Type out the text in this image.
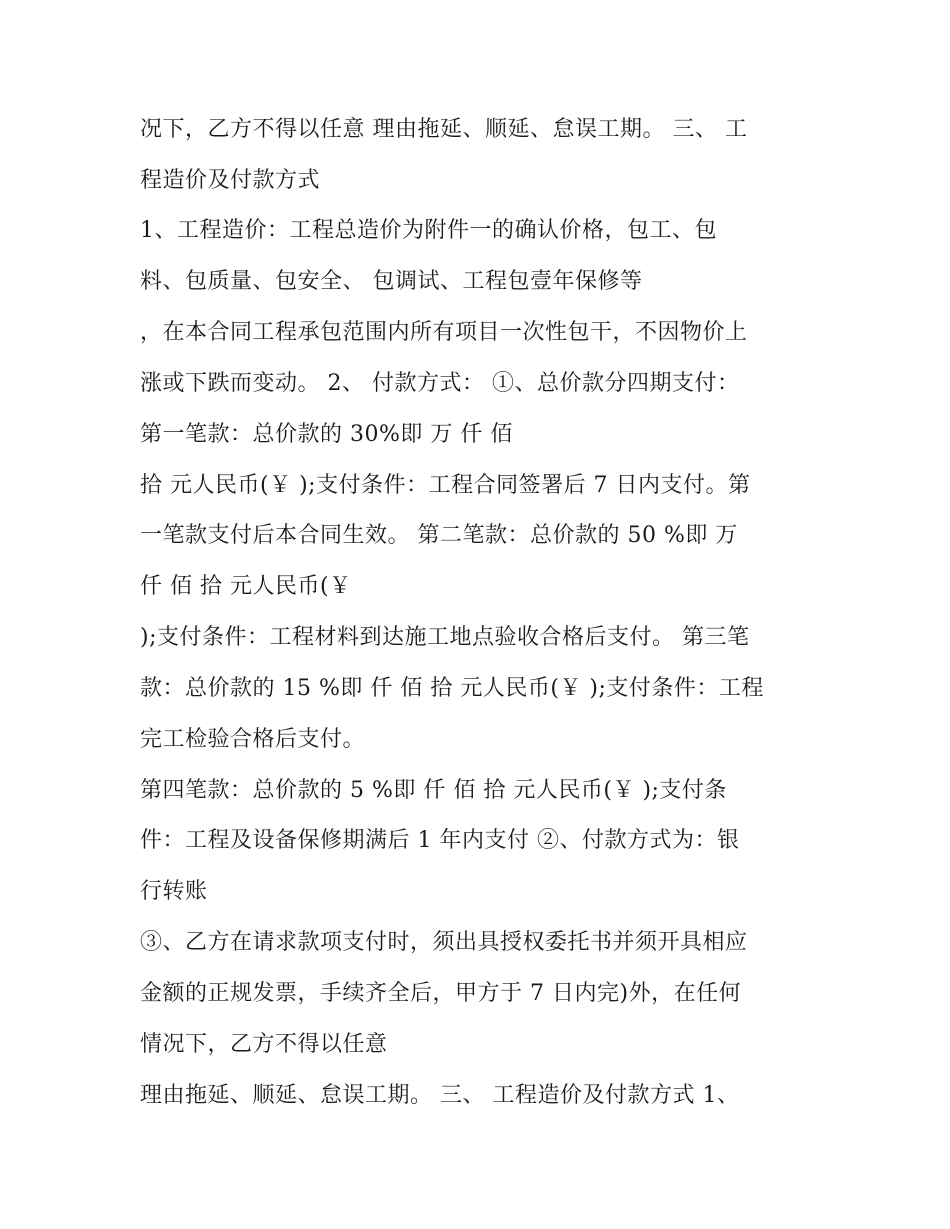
况下，乙方不得以任意 理由拖延、顺延、怠误工期。 三、 工
程造价及付款方式
1、工程造价：工程总造价为附件一的确认价格，包工、包
料、包质量、包安全、 包调试、工程包壹年保修等
，在本合同工程承包范围内所有项目一次性包干，不因物价上
涨或下跌而变动。 2、 付款方式： ①、总价款分四期支付：
第一笔款：总价款的 30%即 万 仟 佰
拾 元人民币(￥ );支付条件：工程合同签署后 7 日内支付。第
一笔款支付后本合同生效。 第二笔款：总价款的 50 %即 万
仟 佰 拾 元人民币(￥
);支付条件：工程材料到达施工地点验收合格后支付。 第三笔
款：总价款的 15 %即 仟 佰 拾 元人民币(￥ );支付条件：工程
完工检验合格后支付。
第四笔款：总价款的 5 %即 仟 佰 拾 元人民币(￥ );支付条
件：工程及设备保修期满后 1 年内支付 ②、付款方式为：银
行转账
③、乙方在请求款项支付时，须出具授权委托书并须开具相应
金额的正规发票，手续齐全后，甲方于 7 日内完)外，在任何
情况下，乙方不得以任意
理由拖延、顺延、怠误工期。 三、 工程造价及付款方式 1、
